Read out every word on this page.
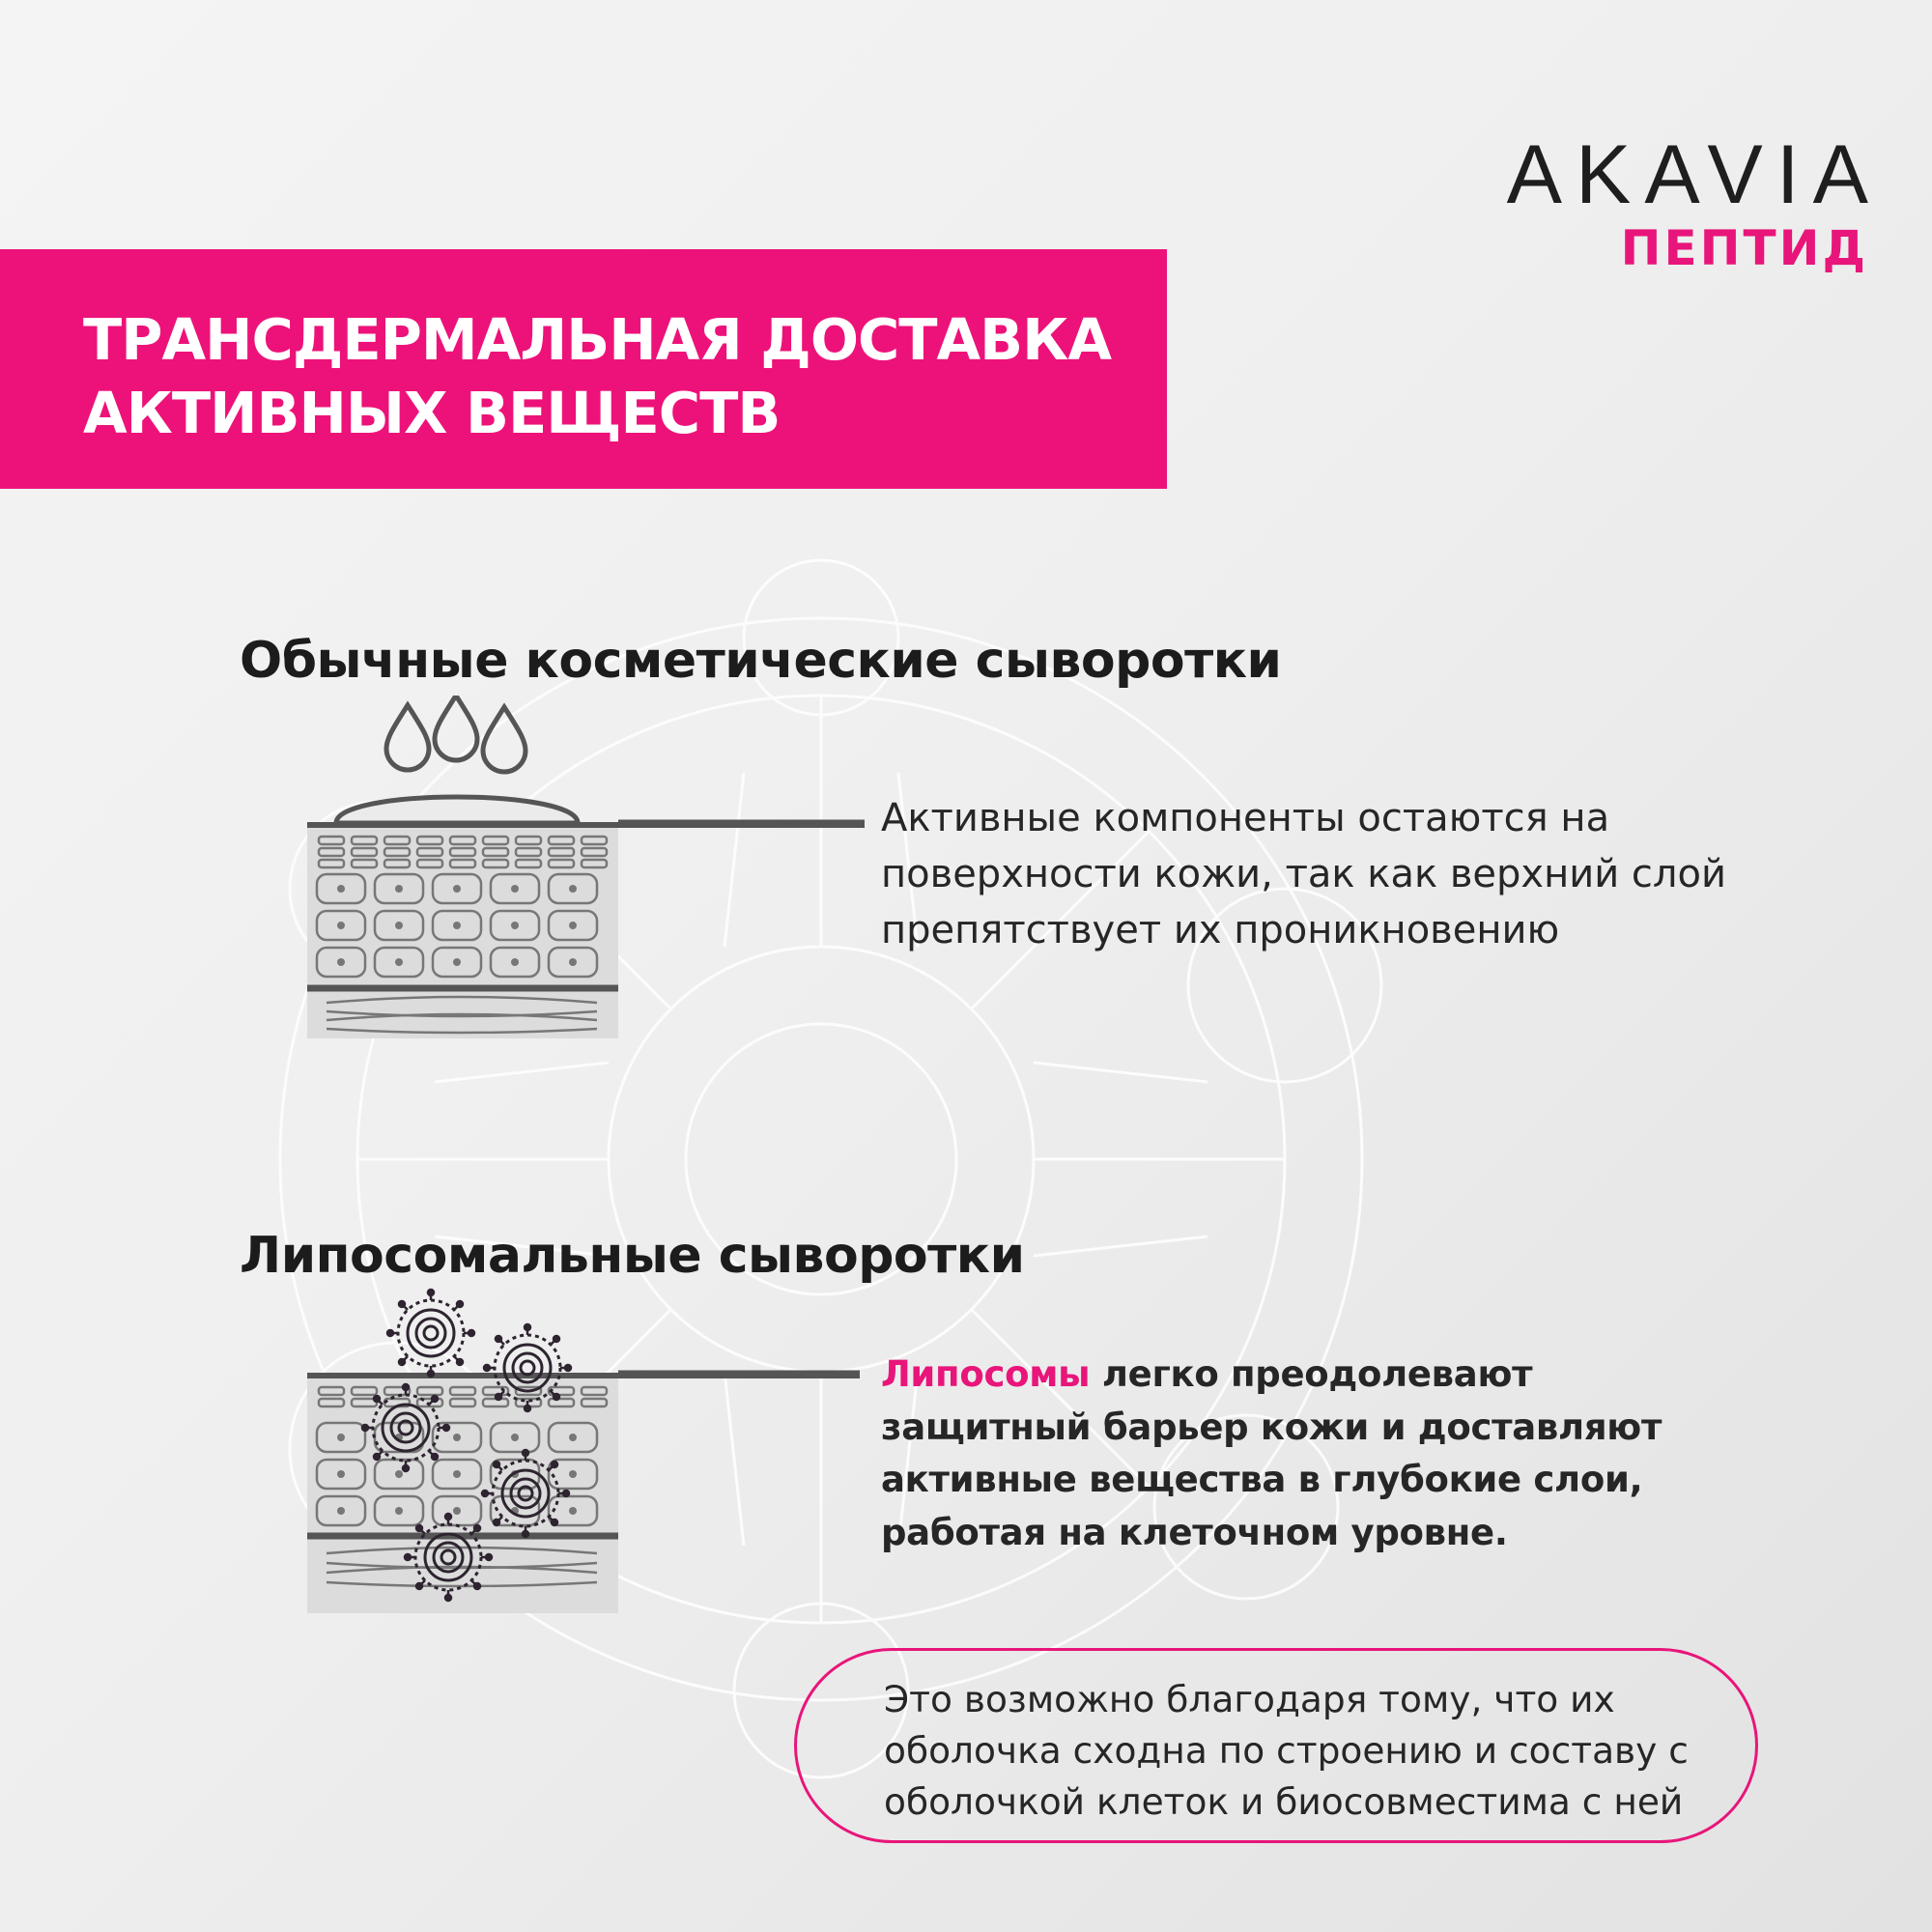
AKAVIA
ПЕПТИД
ТРАНСДЕРМАЛЬНАЯ ДОСТАВКА АКТИВНЫХ ВЕЩЕСТВ
Обычные косметические сыворотки

Активные компоненты остаются на поверхности кожи, так как верхний слой препятствует их проникновению

Липосомальные сыворотки

Липосомы легко преодолевают защитный барьер кожи и доставляют активные вещества в глубокие слои, работая на клеточном уровне.

Это возможно благодаря тому, что их оболочка сходна по строению и составу с оболочкой клеток и биосовместима с ней
